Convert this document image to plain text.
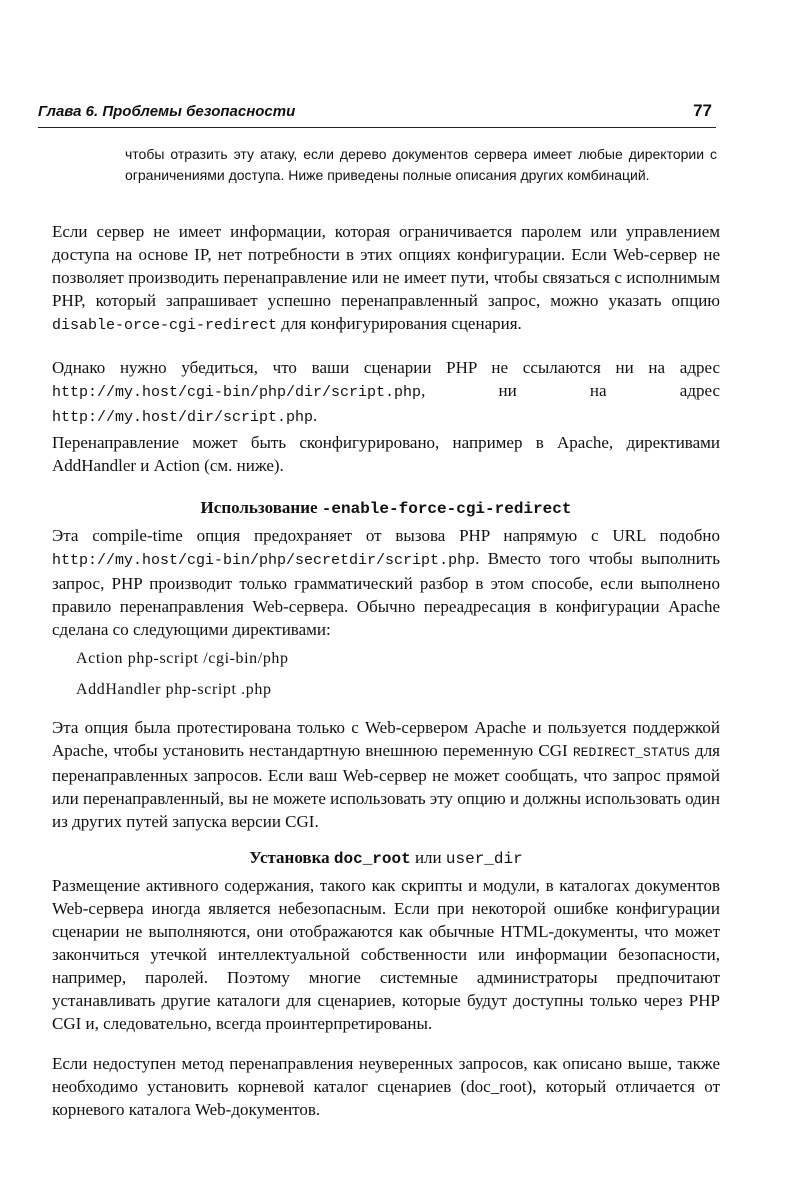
Глава 6. Проблемы безопасности	77

чтобы отразить эту атаку, если дерево документов сервера имеет любые директории с ограничениями доступа. Ниже приведены полные описания других комбинаций.

Если сервер не имеет информации, которая ограничивается паролем или управлением доступа на основе IP, нет потребности в этих опциях конфигурации. Если Web-сервер не позволяет производить перенаправление или не имеет пути, чтобы связаться с исполнимым PHP, который запрашивает успешно перенаправленный запрос, можно указать опцию disable-orce-cgi-redirect для конфигурирования сценария.

Однако нужно убедиться, что ваши сценарии PHP не ссылаются ни на адрес http://my.host/cgi-bin/php/dir/script.php, ни на адрес http://my.host/dir/script.php.

Перенаправление может быть сконфигурировано, например в Apache, директивами AddHandler и Action (см. ниже).

Использование -enable-force-cgi-redirect

Эта compile-time опция предохраняет от вызова PHP напрямую с URL подобно http://my.host/cgi-bin/php/secretdir/script.php. Вместо того чтобы выполнить запрос, PHP производит только грамматический разбор в этом способе, если выполнено правило перенаправления Web-сервера. Обычно переадресация в конфигурации Apache сделана со следующими директивами:

Action php-script /cgi-bin/php
AddHandler php-script .php

Эта опция была протестирована только с Web-сервером Apache и пользуется поддержкой Apache, чтобы установить нестандартную внешнюю переменную CGI REDIRECT_STATUS для перенаправленных запросов. Если ваш Web-сервер не может сообщать, что запрос прямой или перенаправленный, вы не можете использовать эту опцию и должны использовать один из других путей запуска версии CGI.

Установка doc_root или user_dir

Размещение активного содержания, такого как скрипты и модули, в каталогах документов Web-сервера иногда является небезопасным. Если при некоторой ошибке конфигурации сценарии не выполняются, они отображаются как обычные HTML-документы, что может закончиться утечкой интеллектуальной собственности или информации безопасности, например, паролей. Поэтому многие системные администраторы предпочитают устанавливать другие каталоги для сценариев, которые будут доступны только через PHP CGI и, следовательно, всегда проинтерпретированы.

Если недоступен метод перенаправления неуверенных запросов, как описано выше, также необходимо установить корневой каталог сценариев (doc_root), который отличается от корневого каталога Web-документов.
